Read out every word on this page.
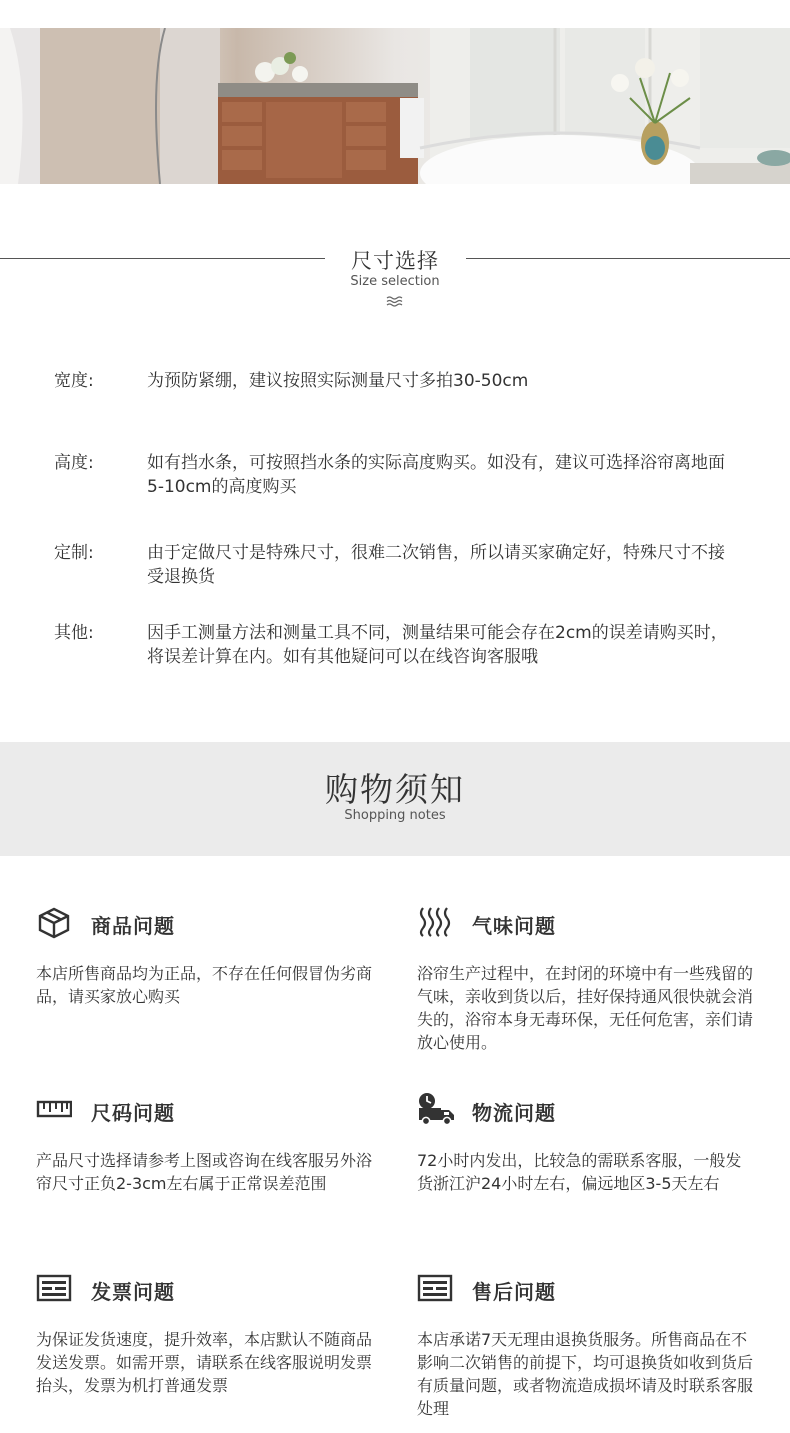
尺寸选择
Size selection
宽度:	为预防紧绷，建议按照实际测量尺寸多拍30-50cm
高度:	如有挡水条，可按照挡水条的实际高度购买。如没有，建议可选择浴帘离地面5-10cm的高度购买
定制:	由于定做尺寸是特殊尺寸，很难二次销售，所以请买家确定好，特殊尺寸不接受退换货
其他:	因手工测量方法和测量工具不同，测量结果可能会存在2cm的误差请购买时，将误差计算在内。如有其他疑问可以在线咨询客服哦
购物须知
Shopping notes
商品问题
本店所售商品均为正品，不存在任何假冒伪劣商品，请买家放心购买
气味问题
浴帘生产过程中，在封闭的环境中有一些残留的气味，亲收到货以后，挂好保持通风很快就会消失的，浴帘本身无毒环保，无任何危害，亲们请放心使用。
尺码问题
产品尺寸选择请参考上图或咨询在线客服另外浴帘尺寸正负2-3cm左右属于正常误差范围
物流问题
72小时内发出，比较急的需联系客服，一般发货浙江沪24小时左右，偏远地区3-5天左右
发票问题
为保证发货速度，提升效率，本店默认不随商品发送发票。如需开票，请联系在线客服说明发票抬头，发票为机打普通发票
售后问题
本店承诺7天无理由退换货服务。所售商品在不影响二次销售的前提下，均可退换货如收到货后有质量问题，或者物流造成损坏请及时联系客服处理
